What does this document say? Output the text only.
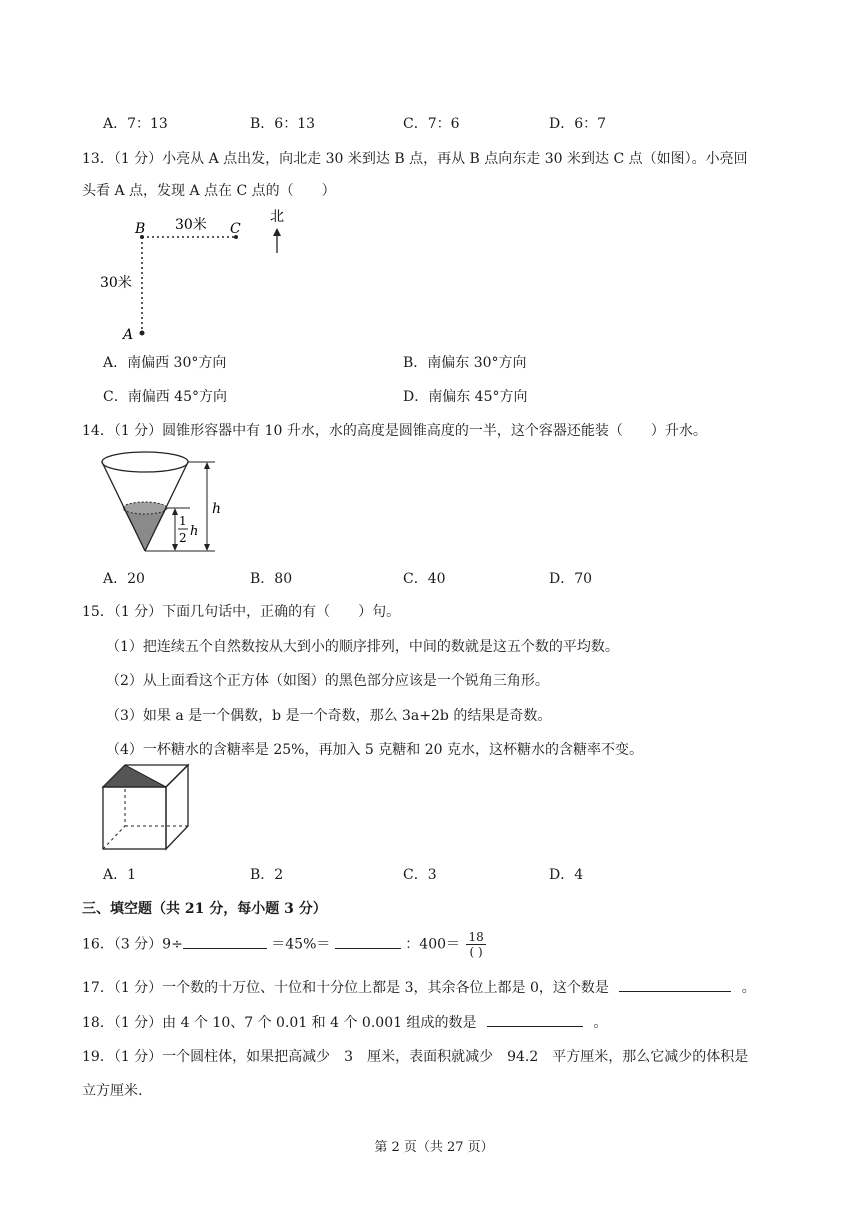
A．7：13	B．6：13	C．7：6	D．6：7
13．（1 分）小亮从 A 点出发，向北走 30 米到达 B 点，再从 B 点向东走 30 米到达 C 点（如图）。小亮回
头看 A 点，发现 A 点在 C 点的（　　）
B	C
A
30米
30米
北
A．南偏西 30°方向	B．南偏东 30°方向
C．南偏西 45°方向	D．南偏东 45°方向
14．（1 分）圆锥形容器中有 10 升水，水的高度是圆锥高度的一半，这个容器还能装（　　）升水。
h
1
2 h
A．20	B．80	C．40	D．70
15．（1 分）下面几句话中，正确的有（　　）句。
（1）把连续五个自然数按从大到小的顺序排列，中间的数就是这五个数的平均数。
（2）从上面看这个正方体（如图）的黑色部分应该是一个锐角三角形。
（3）如果 a 是一个偶数，b 是一个奇数，那么 3a+2b 的结果是奇数。
（4）一杯糖水的含糖率是 25%，再加入 5 克糖和 20 克水，这杯糖水的含糖率不变。
A．1	B．2	C．3	D．4
三、填空题（共 21 分，每小题 3 分）
16．（3 分）9÷	＝45%＝	：$400= \frac{18}{( )}$
17．（1 分）一个数的十万位、十位和十分位上都是 3，其余各位上都是 0，这个数是	。
18．（1 分）由 4 个 10、7 个 0.01 和 4 个 0.001 组成的数是	。
19．（1 分）一个圆柱体，如果把高减少　3　厘米，表面积就减少　94.2　平方厘米，那么它减少的体积是
立方厘米.
第 2 页（共 27 页）
